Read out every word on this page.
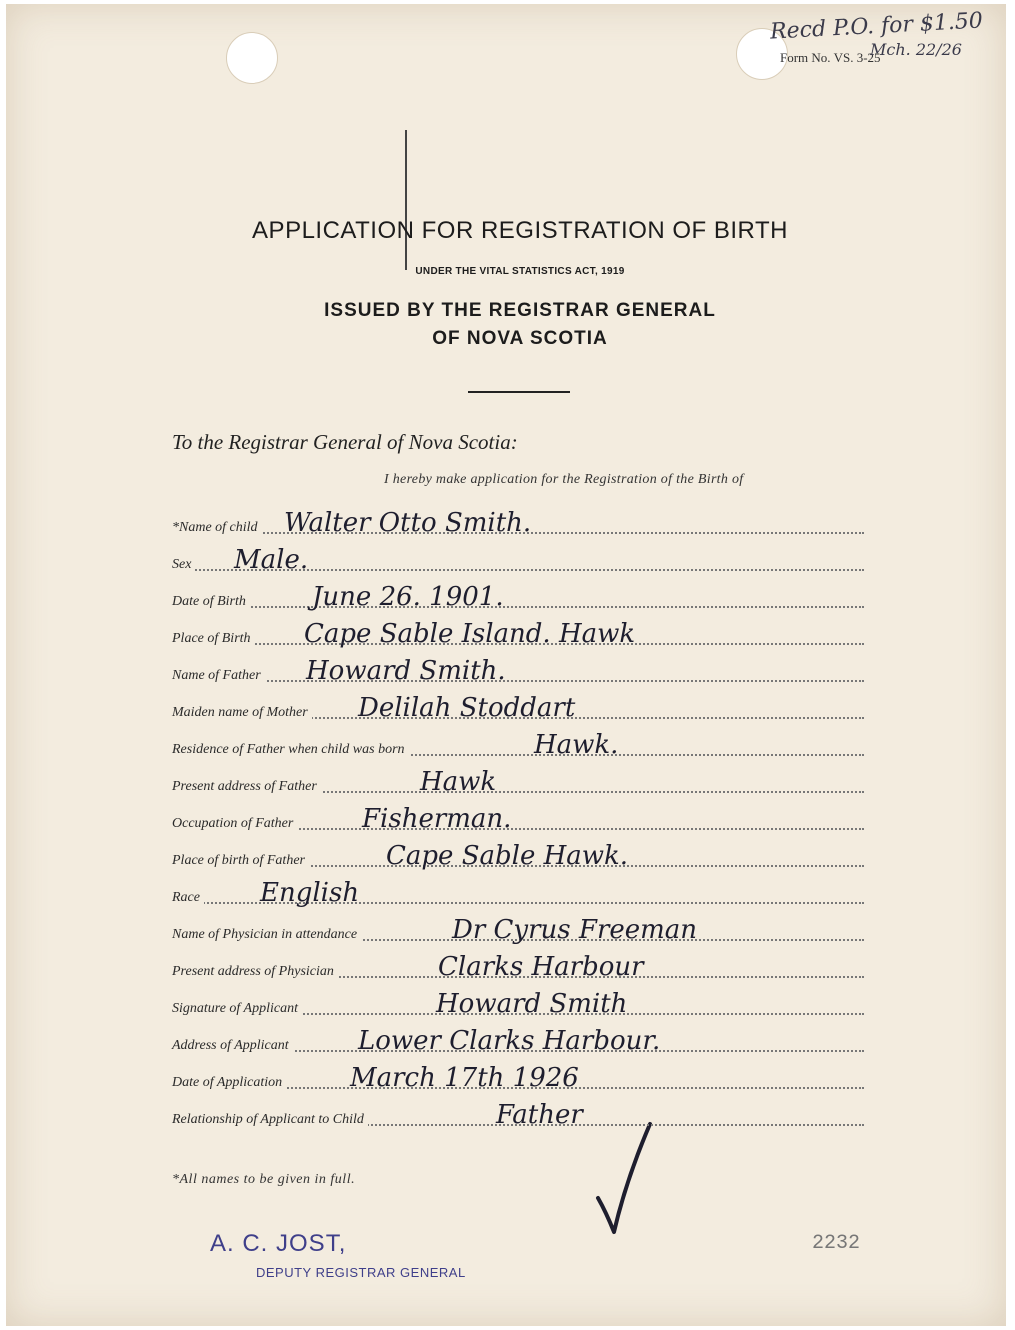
Recd P.O. for $1.50
Form No. VS. 3-25
Mch. 22/26
APPLICATION FOR REGISTRATION OF BIRTH
UNDER THE VITAL STATISTICS ACT, 1919
ISSUED BY THE REGISTRAR GENERAL
OF NOVA SCOTIA
To the Registrar General of Nova Scotia:
I hereby make application for the Registration of the Birth of
*Name of child Walter Otto Smith.
Sex Male.
Date of Birth	June 26. 1901.
Place of Birth Cape Sable Island. Hawk
Name of Father Howard Smith.
Maiden name of Mother Delilah Stoddart
Residence of Father when child was born	Hawk.
Present address of Father	Hawk
Occupation of Father	Fisherman.
Place of birth of Father	Cape Sable Hawk.
Race English
Name of Physician in attendance	Dr Cyrus Freeman
Present address of Physician	Clarks Harbour
Signature of Applicant	Howard Smith
Address of Applicant	Lower Clarks Harbour.
Date of Application	March 17th 1926
Relationship of Applicant to Child	Father
*All names to be given in full.
A. C. JOST,
DEPUTY REGISTRAR GENERAL
2232
